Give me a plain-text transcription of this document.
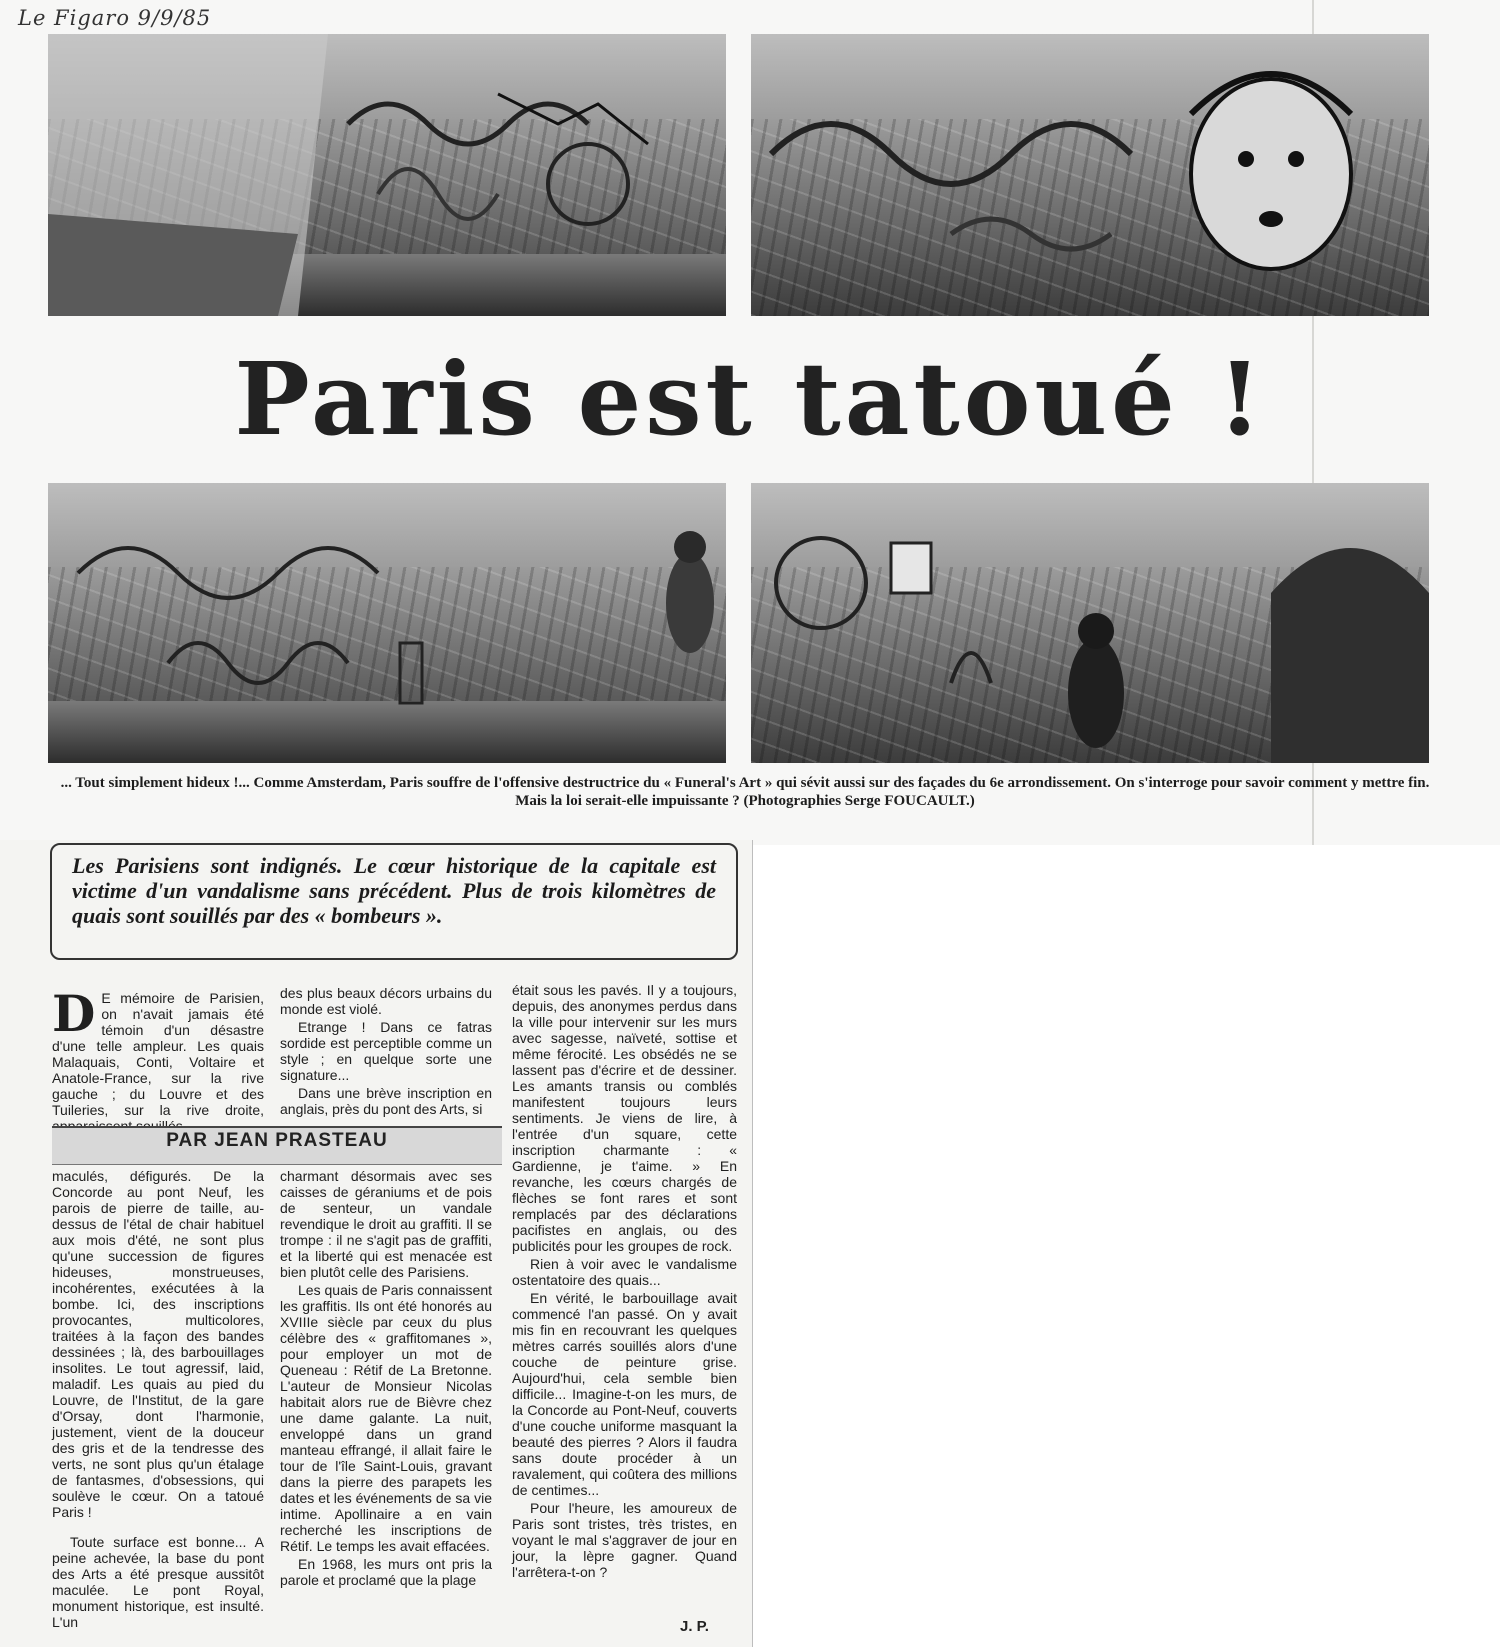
Le Figaro 9/9/85
Paris est tatoué !
... Tout simplement hideux !... Comme Amsterdam, Paris souffre de l'offensive destructrice du « Funeral's Art » qui sévit aussi sur des façades du 6e arrondissement. On s'interroge pour savoir comment y mettre fin. Mais la loi serait-elle impuissante ? (Photographies Serge FOUCAULT.)
Les Parisiens sont indignés. Le cœur historique de la capitale est victime d'un vandalisme sans précédent. Plus de trois kilomètres de quais sont souillés par des « bombeurs ».

D E mémoire de Parisien, on n'avait jamais été témoin d'un désastre d'une telle ampleur. Les quais Malaquais, Conti, Voltaire et Anatole-France, sur la rive gauche ; du Louvre et des Tuileries, sur la rive droite,

des plus beaux décors urbains du monde est violé.

Etrange ! Dans ce fatras sordide est perceptible comme un style ; en quelque sorte une signature...

Dans une brève inscription en anglais, près du pont des Arts, si

PAR JEAN PRASTEAU

maculés, défigurés. De la Concorde au pont Neuf, les parois de pierre de taille, au-dessus de l'étal de chair habituel aux mois d'été, ne sont plus qu'une succession de figures hideuses, monstrueuses, incohérentes, exécutées à la bombe. Ici, des inscriptions provocantes, multicolores, traitées à la façon des bandes dessinées ; là, des barbouillages insolites. Le tout agressif, laid, maladif. Les quais au pied du Louvre, de l'Institut, de la gare d'Orsay, dont l'harmonie, justement, vient de la douceur des gris et de la tendresse des verts, ne sont plus qu'un étalage de fantasmes, d'obsessions, qui soulève le cœur. On a tatoué Paris !

Toute surface est bonne... A peine achevée, la base du pont des Arts a été presque aussitôt maculée. Le pont Royal, monument historique, est insulté. L'un

charmant désormais avec ses caisses de géraniums et de pois de senteur, un vandale revendique le droit au graffiti. Il se trompe : il ne s'agit pas de graffiti, et la liberté qui est menacée est bien plutôt celle des Parisiens.

Les quais de Paris connaissent les graffitis. Ils ont été honorés au XVIIIe siècle par ceux du plus célèbre des « graffitomanes », pour employer un mot de Queneau : Rétif de La Bretonne. L'auteur de Monsieur Nicolas habitait alors rue de Bièvre chez une dame galante. La nuit, enveloppé dans un grand manteau effrangé, il allait faire le tour de l'île Saint-Louis, gravant dans la pierre des parapets les dates et les événements de sa vie intime. Apollinaire a en vain recherché les inscriptions de Rétif. Le temps les avait effacées.

En 1968, les murs ont pris la parole et proclamé que la plage

était sous les pavés. Il y a toujours, depuis, des anonymes perdus dans la ville pour intervenir sur les murs avec sagesse, naïveté, sottise et même férocité. Les obsédés ne se lassent pas d'écrire et de dessiner. Les amants transis ou comblés manifestent toujours leurs sentiments. Je viens de lire, à l'entrée d'un square, cette inscription charmante : « Gardienne, je t'aime. » En revanche, les cœurs chargés de flèches se font rares et sont remplacés par des déclarations pacifistes en anglais, ou des publicités pour les groupes de rock.

Rien à voir avec le vandalisme ostentatoire des quais...

En vérité, le barbouillage avait commencé l'an passé. On y avait mis fin en recouvrant les quelques mètres carrés souillés alors d'une couche de peinture grise. Aujourd'hui, cela semble bien difficile... Imagine-t-on les murs, de la Concorde au Pont-Neuf, couverts d'une couche uniforme masquant la beauté des pierres ? Alors il faudra sans doute procéder à un ravalement, qui coûtera des millions de centimes...

Pour l'heure, les amoureux de Paris sont tristes, très tristes, en voyant le mal s'aggraver de jour en jour, la lèpre gagner. Quand l'arrêtera-t-on ?

J. P.
